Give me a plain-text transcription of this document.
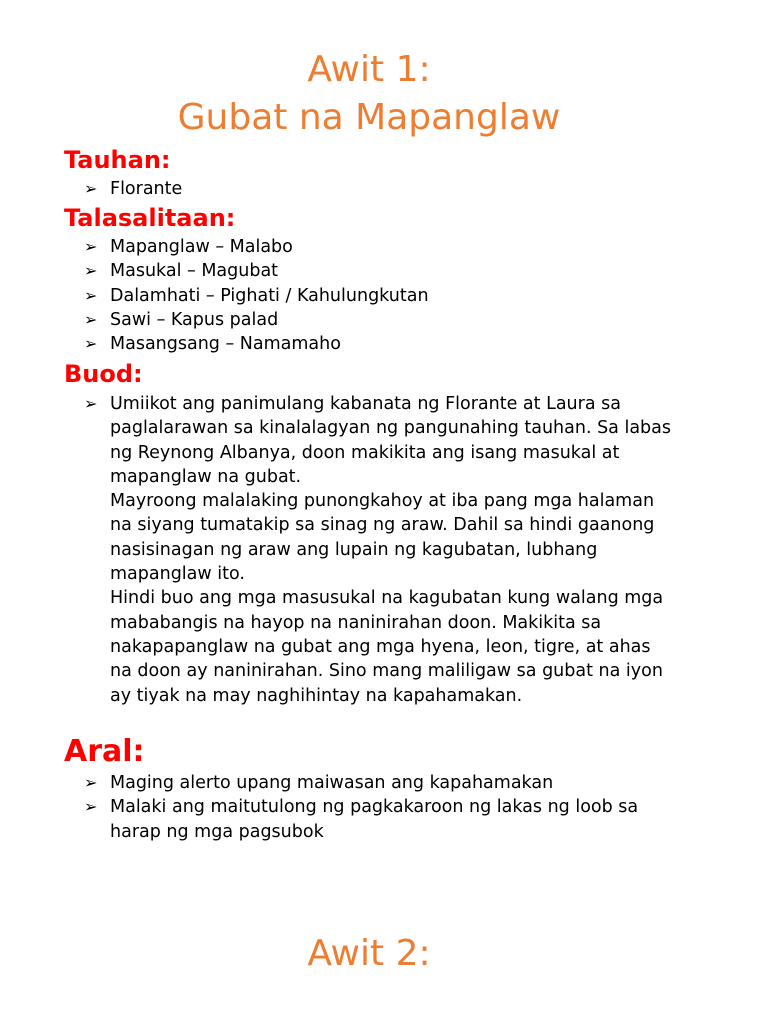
Awit 1:
Gubat na Mapanglaw
Tauhan:
➢ Florante
Talasalitaan:
➢ Mapanglaw – Malabo
➢ Masukal – Magubat
➢ Dalamhati – Pighati / Kahulungkutan
➢ Sawi – Kapus palad
➢ Masangsang – Namamaho
Buod:
➢ Umiikot ang panimulang kabanata ng Florante at Laura sa paglalarawan sa kinalalagyan ng pangunahing tauhan. Sa labas ng Reynong Albanya, doon makikita ang isang masukal at mapanglaw na gubat.

Mayroong malalaking punongkahoy at iba pang mga halaman na siyang tumatakip sa sinag ng araw. Dahil sa hindi gaanong nasisinagan ng araw ang lupain ng kagubatan, lubhang mapanglaw ito.

Hindi buo ang mga masusukal na kagubatan kung walang mga mababangis na hayop na naninirahan doon. Makikita sa nakapapanglaw na gubat ang mga hyena, leon, tigre, at ahas na doon ay naninirahan. Sino mang maliligaw sa gubat na iyon ay tiyak na may naghihintay na kapahamakan.

Aral:
➢ Maging alerto upang maiwasan ang kapahamakan
➢ Malaki ang maitutulong ng pagkakaroon ng lakas ng loob sa harap ng mga pagsubok
Awit 2:
